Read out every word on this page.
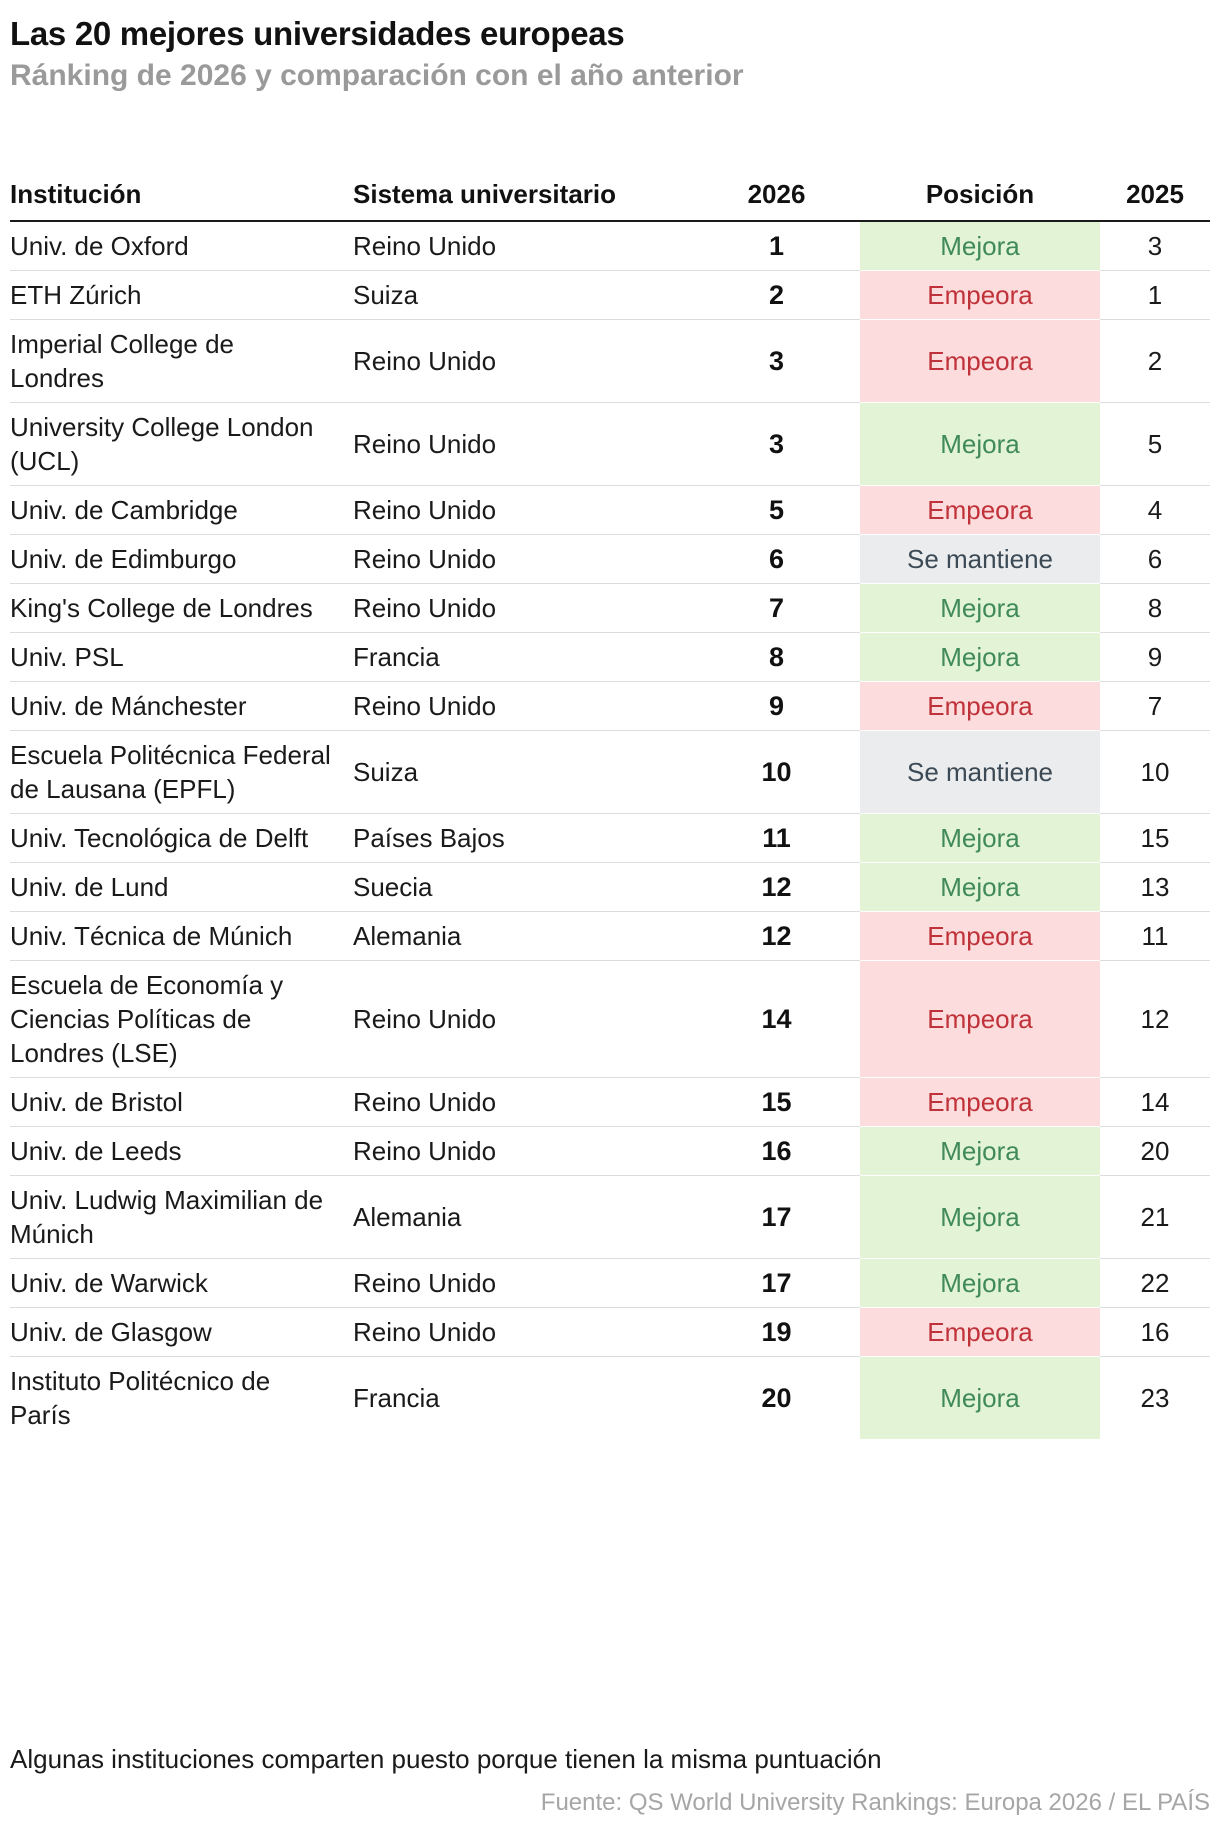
Las 20 mejores universidades europeas
Ránking de 2026 y comparación con el año anterior
Institución	Sistema universitario	2026	Posición	2025
Univ. de Oxford	Reino Unido	1	Mejora	3
ETH Zúrich	Suiza	2	Empeora	1
Imperial College de Londres	Reino Unido	3	Empeora	2
University College London (UCL)	Reino Unido	3	Mejora	5
Univ. de Cambridge	Reino Unido	5	Empeora	4
Univ. de Edimburgo	Reino Unido	6	Se mantiene	6
King's College de Londres	Reino Unido	7	Mejora	8
Univ. PSL	Francia	8	Mejora	9
Univ. de Mánchester	Reino Unido	9	Empeora	7
Escuela Politécnica Federal de Lausana (EPFL)	Suiza	10	Se mantiene	10
Univ. Tecnológica de Delft	Países Bajos	11	Mejora	15
Univ. de Lund	Suecia	12	Mejora	13
Univ. Técnica de Múnich	Alemania	12	Empeora	11
Escuela de Economía y Ciencias Políticas de Londres (LSE)	Reino Unido	14	Empeora	12
Univ. de Bristol	Reino Unido	15	Empeora	14
Univ. de Leeds	Reino Unido	16	Mejora	20
Univ. Ludwig Maximilian de Múnich	Alemania	17	Mejora	21
Univ. de Warwick	Reino Unido	17	Mejora	22
Univ. de Glasgow	Reino Unido	19	Empeora	16
Instituto Politécnico de París	Francia	20	Mejora	23
Algunas instituciones comparten puesto porque tienen la misma puntuación
Fuente: QS World University Rankings: Europa 2026 / EL PAÍS
